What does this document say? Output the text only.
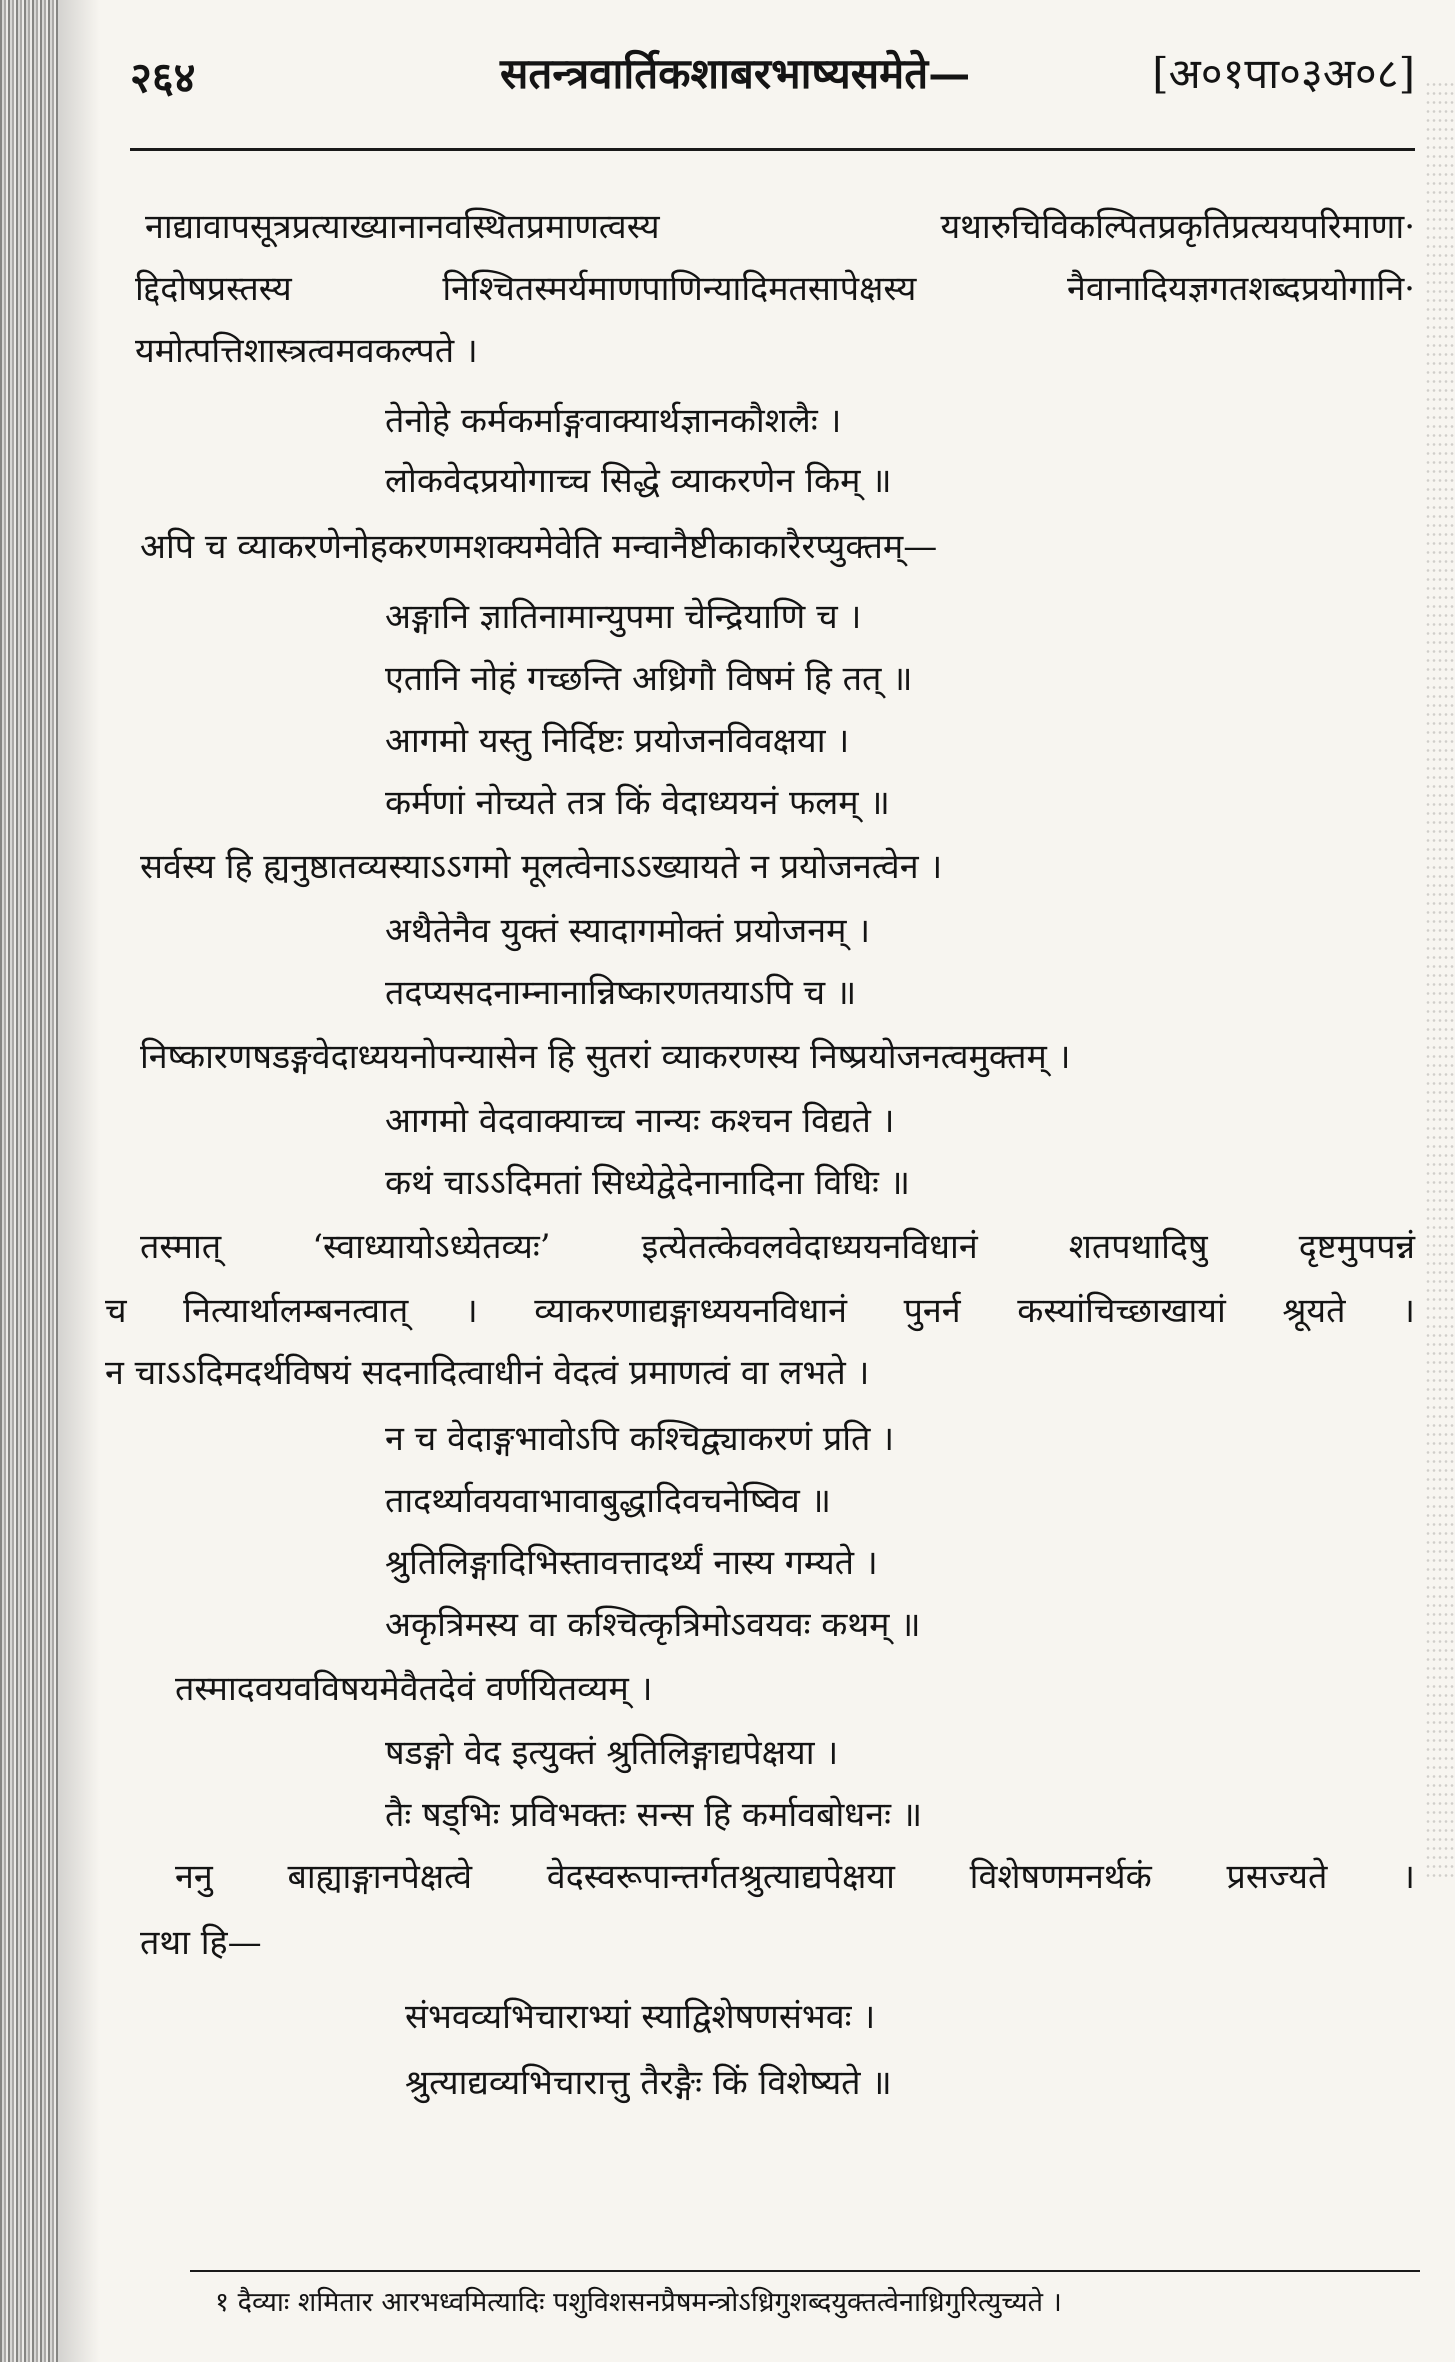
२६४	सतन्त्रवार्तिकशाबरभाष्यसमेते—	[अ०१पा०३अ०८]
नाद्यावापसूत्रप्रत्याख्यानानवस्थितप्रमाणत्वस्य यथारुचिविकल्पितप्रकृतिप्रत्ययपरिमाणा·
द्दिदोषप्रस्तस्य निश्चितस्मर्यमाणपाणिन्यादिमतसापेक्षस्य नैवानादियज्ञगतशब्दप्रयोगानि·
यमोत्पत्तिशास्त्रत्वमवकल्पते ।
तेनोहे कर्मकर्माङ्गवाक्यार्थज्ञानकौशलैः ।
लोकवेदप्रयोगाच्च सिद्धे व्याकरणेन किम् ॥
अपि च व्याकरणेनोहकरणमशक्यमेवेति मन्वानैष्टीकाकारैरप्युक्तम्—
अङ्गानि ज्ञातिनामान्युपमा चेन्द्रियाणि च ।
एतानि नोहं गच्छन्ति अध्रिगौ विषमं हि तत् ॥
आगमो यस्तु निर्दिष्टः प्रयोजनविवक्षया ।
कर्मणां नोच्यते तत्र किं वेदाध्ययनं फलम् ॥
सर्वस्य हि ह्यनुष्ठातव्यस्याऽऽगमो मूलत्वेनाऽऽख्यायते न प्रयोजनत्वेन ।
अथैतेनैव युक्तं स्यादागमोक्तं प्रयोजनम् ।
तदप्यसदनाम्नानान्निष्कारणतयाऽपि च ॥
निष्कारणषडङ्गवेदाध्ययनोपन्यासेन हि सुतरां व्याकरणस्य निष्प्रयोजनत्वमुक्तम् ।
आगमो वेदवाक्याच्च नान्यः कश्चन विद्यते ।
कथं चाऽऽदिमतां सिध्येद्वेदेनानादिना विधिः ॥
तस्मात् ‘स्वाध्यायोऽध्येतव्यः’ इत्येतत्केवलवेदाध्ययनविधानं शतपथादिषु दृष्टमुपपन्नं
च नित्यार्थालम्बनत्वात् । व्याकरणाद्यङ्गाध्ययनविधानं पुनर्न कस्यांचिच्छाखायां श्रूयते ।
न चाऽऽदिमदर्थविषयं सदनादित्वाधीनं वेदत्वं प्रमाणत्वं वा लभते ।
न च वेदाङ्गभावोऽपि कश्चिद्व्याकरणं प्रति ।
तादर्थ्यावयवाभावाबुद्धादिवचनेष्विव ॥
श्रुतिलिङ्गादिभिस्तावत्तादर्थ्यं नास्य गम्यते ।
अकृत्रिमस्य वा कश्चित्कृत्रिमोऽवयवः कथम् ॥
तस्मादवयवविषयमेवैतदेवं वर्णयितव्यम् ।
षडङ्गो वेद इत्युक्तं श्रुतिलिङ्गाद्यपेक्षया ।
तैः षड्भिः प्रविभक्तः सन्स हि कर्मावबोधनः ॥
ननु बाह्याङ्गानपेक्षत्वे वेदस्वरूपान्तर्गतश्रुत्याद्यपेक्षया विशेषणमनर्थकं प्रसज्यते ।
तथा हि—
संभवव्यभिचाराभ्यां स्याद्विशेषणसंभवः ।
श्रुत्याद्यव्यभिचारात्तु तैरङ्गैः किं विशेष्यते ॥
१ दैव्याः शमितार आरभध्वमित्यादिः पशुविशसनप्रैषमन्त्रोऽध्रिगुशब्दयुक्तत्वेनाध्रिगुरित्युच्यते ।
